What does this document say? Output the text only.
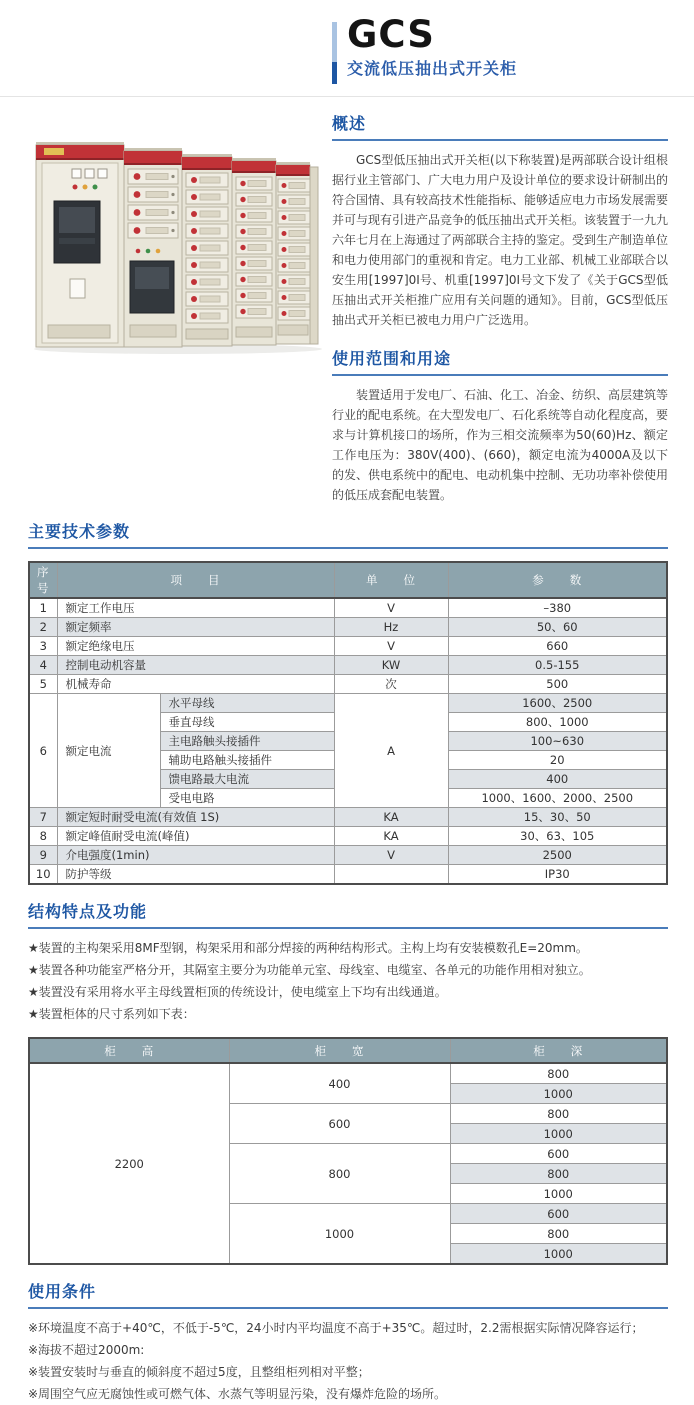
GCS
交流低压抽出式开关柜
概述
GCS型低压抽出式开关柜(以下称装置)是两部联合设计组根据行业主管部门、广大电力用户及设计单位的要求设计研制出的符合国情、具有较高技术性能指标、能够适应电力市场发展需要并可与现有引进产品竞争的低压抽出式开关柜。该装置于一九九六年七月在上海通过了两部联合主持的鉴定。受到生产制造单位和电力使用部门的重视和肯定。电力工业部、机械工业部联合以安生用[1997]0I号、机重[1997]0I号文下发了《关于GCS型低压抽出式开关柜推广应用有关问题的通知》。目前，GCS型低压抽出式开关柜已被电力用户广泛选用。
使用范围和用途
装置适用于发电厂、石油、化工、冶金、纺织、高层建筑等行业的配电系统。在大型发电厂、石化系统等自动化程度高，要求与计算机接口的场所，作为三相交流频率为50(60)Hz、额定工作电压为：380V(400)、(660)，额定电流为4000A及以下的发、供电系统中的配电、电动机集中控制、无功功率补偿使用的低压成套配电装置。
主要技术参数
序号	项　　目		单　　位	参　　数
1	额定工作电压		V	–380
2	额定频率		Hz	50、60
3	额定绝缘电压		V	660
4	控制电动机容量		KW	0.5-155
5	机械寿命		次	500
6	额定电流	水平母线	A	1600、2500
		垂直母线		800、1000
		主电路触头接插件		100~630
		辅助电路触头接插件		20
		馈电路最大电流		400
		受电电路		1000、1600、2000、2500
7	额定短时耐受电流(有效值 1S)		KA	15、30、50
8	额定峰值耐受电流(峰值)		KA	30、63、105
9	介电强度(1min)		V	2500
10	防护等级			IP30
结构特点及功能
★装置的主构架采用8MF型钢，构架采用和部分焊接的两种结构形式。主构上均有安装模数孔E=20mm。
★装置各种功能室严格分开，其隔室主要分为功能单元室、母线室、电缆室、各单元的功能作用相对独立。
★装置没有采用将水平主母线置柜顶的传统设计，使电缆室上下均有出线通道。
★装置柜体的尺寸系列如下表：
柜　　高	柜　　宽	柜　　深
2200	400	800
		1000
	600	800
		1000
	800	600
		800
		1000
	1000	600
		800
		1000
使用条件
※环境温度不高于+40℃，不低于-5℃，24小时内平均温度不高于+35℃。超过时，2.2需根据实际情况降容运行；
※海拔不超过2000m:
※装置安装时与垂直的倾斜度不超过5度，且整组柜列相对平整；
※周围空气应无腐蚀性或可燃气体、水蒸气等明显污染，没有爆炸危险的场所。
